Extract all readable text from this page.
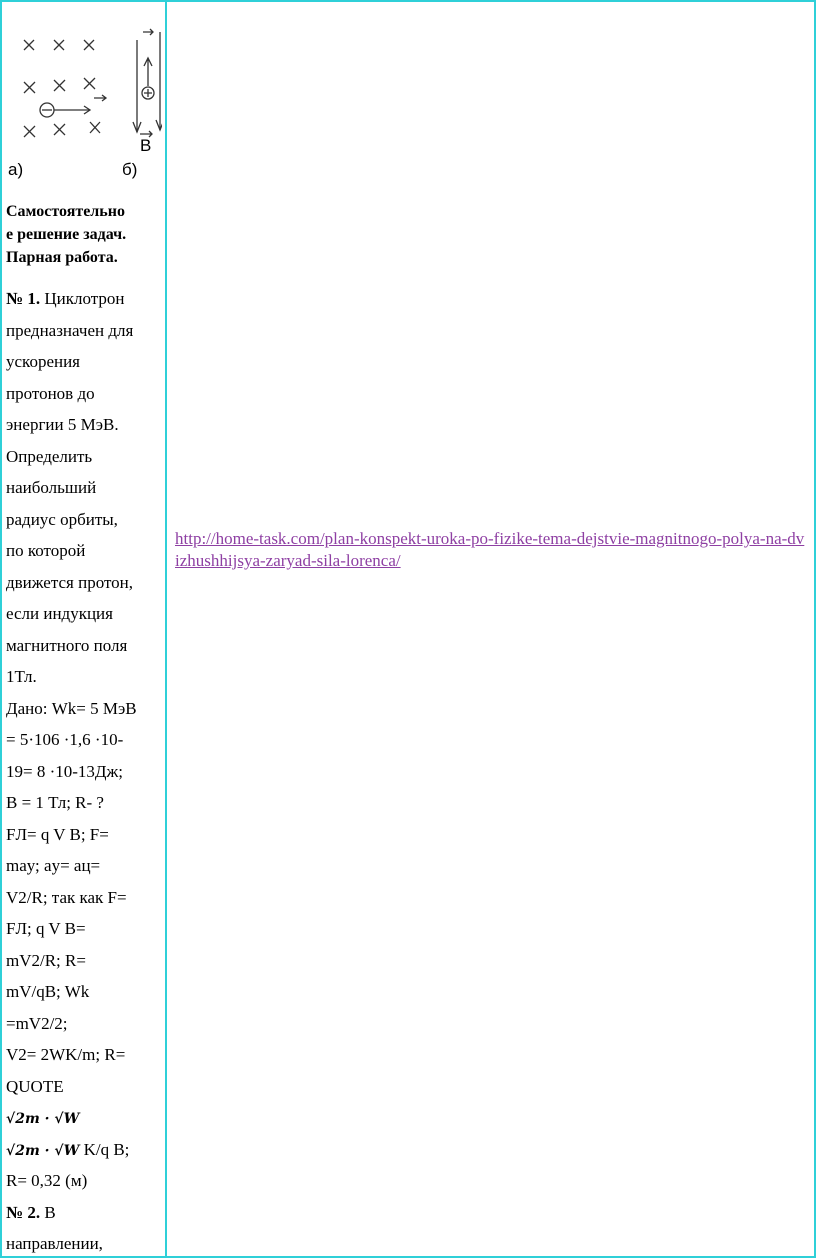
B
а)	б)
Самостоятельно
е решение задач.
Парная работа.
№ 1. Циклотрон
предназначен для
ускорения
протонов до
энергии 5 МэВ.
Определить
наибольший
радиус орбиты,
по которой
движется протон,
если индукция
магнитного поля
1Тл.
Дано: Wk= 5 МэВ
= 5·106 ·1,6 ·10-
19= 8 ·10-13Дж;
В = 1 Тл; R- ?
FЛ= q V B; F=
maу; aу= aц=
V2/R; так как F=
FЛ; q V B=
mV2/R; R=
mV/qB; Wk
=mV2/2;
V2= 2WK/m; R=
QUOTE
√2m · √W
√2m · √W K/q B;
R= 0,32 (м)
№ 2. В
направлении,
http://home-task.com/plan-konspekt-uroka-po-fizike-tema-dejstvie-magnitnogo-polya-na-dvizhushhijsya-zaryad-sila-lorenca/
